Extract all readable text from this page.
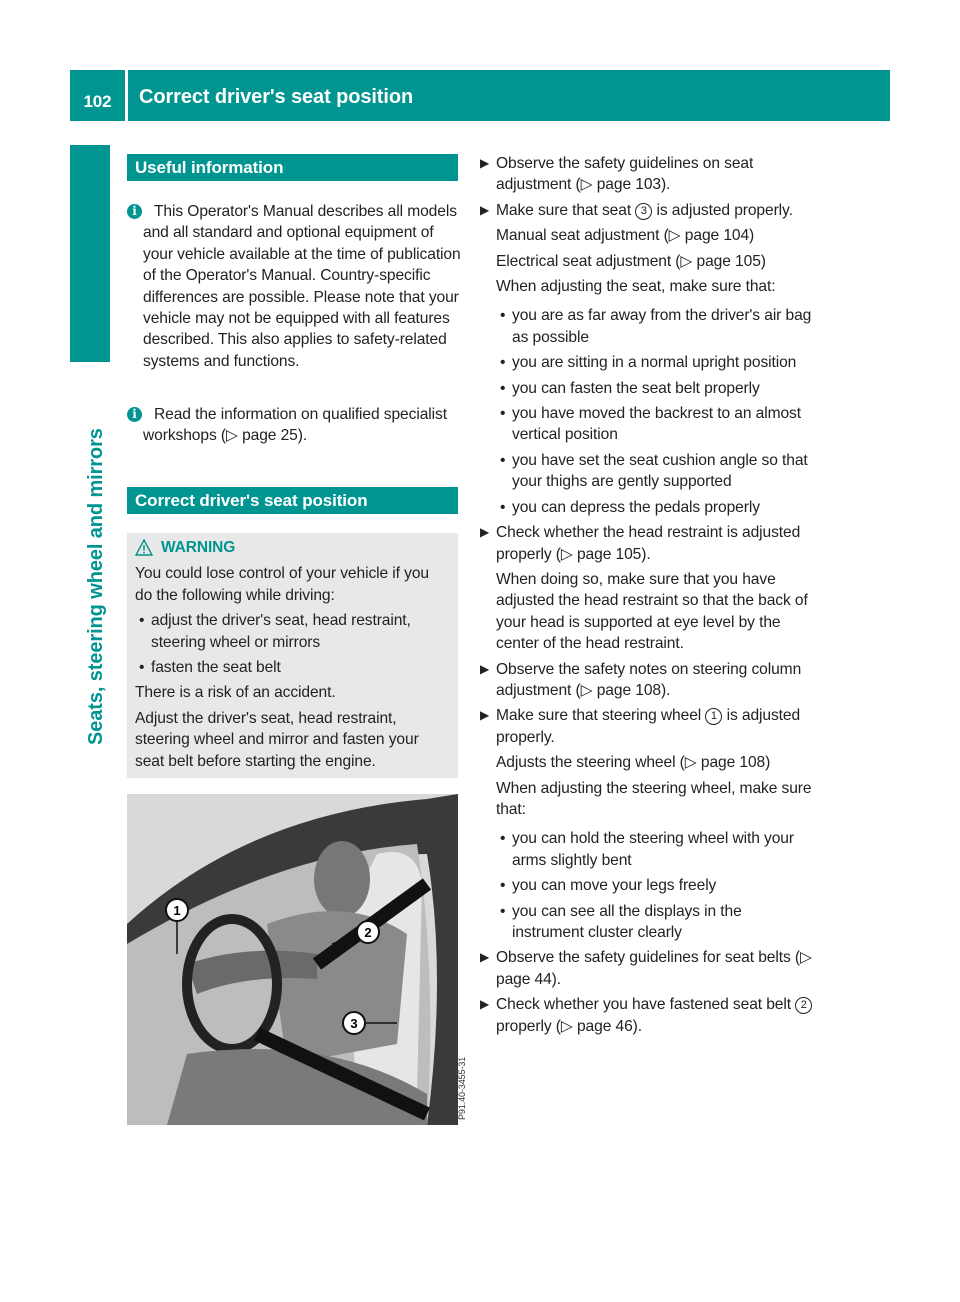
102	Correct driver's seat position
Seats, steering wheel and mirrors
Useful information
i	This Operator's Manual describes all models and all standard and optional equipment of your vehicle available at the time of publication of the Operator's Manual. Country-specific differences are possible. Please note that your vehicle may not be equipped with all features described. This also applies to safety-related systems and functions.
i	Read the information on qualified specialist workshops (▷ page 25).
Correct driver's seat position
WARNING

You could lose control of your vehicle if you do the following while driving:

• adjust the driver's seat, head restraint, steering wheel or mirrors
• fasten the seat belt

There is a risk of an accident.

Adjust the driver's seat, head restraint, steering wheel and mirror and fasten your seat belt before starting the engine.

1
2
3
P91.40-3455-31
▶ Observe the safety guidelines on seat adjustment (▷ page 103).
▶ Make sure that seat 3 is adjusted properly.

Manual seat adjustment (▷ page 104)

Electrical seat adjustment (▷ page 105)

When adjusting the seat, make sure that:

• you are as far away from the driver's air bag as possible
• you are sitting in a normal upright position
• you can fasten the seat belt properly
• you have moved the backrest to an almost vertical position
• you have set the seat cushion angle so that your thighs are gently supported
• you can depress the pedals properly
▶ Check whether the head restraint is adjusted properly (▷ page 105).

When doing so, make sure that you have adjusted the head restraint so that the back of your head is supported at eye level by the center of the head restraint.

▶ Observe the safety notes on steering column adjustment (▷ page 108).
▶ Make sure that steering wheel 1 is adjusted properly.

Adjusts the steering wheel (▷ page 108)

When adjusting the steering wheel, make sure that:

• you can hold the steering wheel with your arms slightly bent
• you can move your legs freely
• you can see all the displays in the instrument cluster clearly
▶ Observe the safety guidelines for seat belts (▷ page 44).
▶ Check whether you have fastened seat belt 2 properly (▷ page 46).
